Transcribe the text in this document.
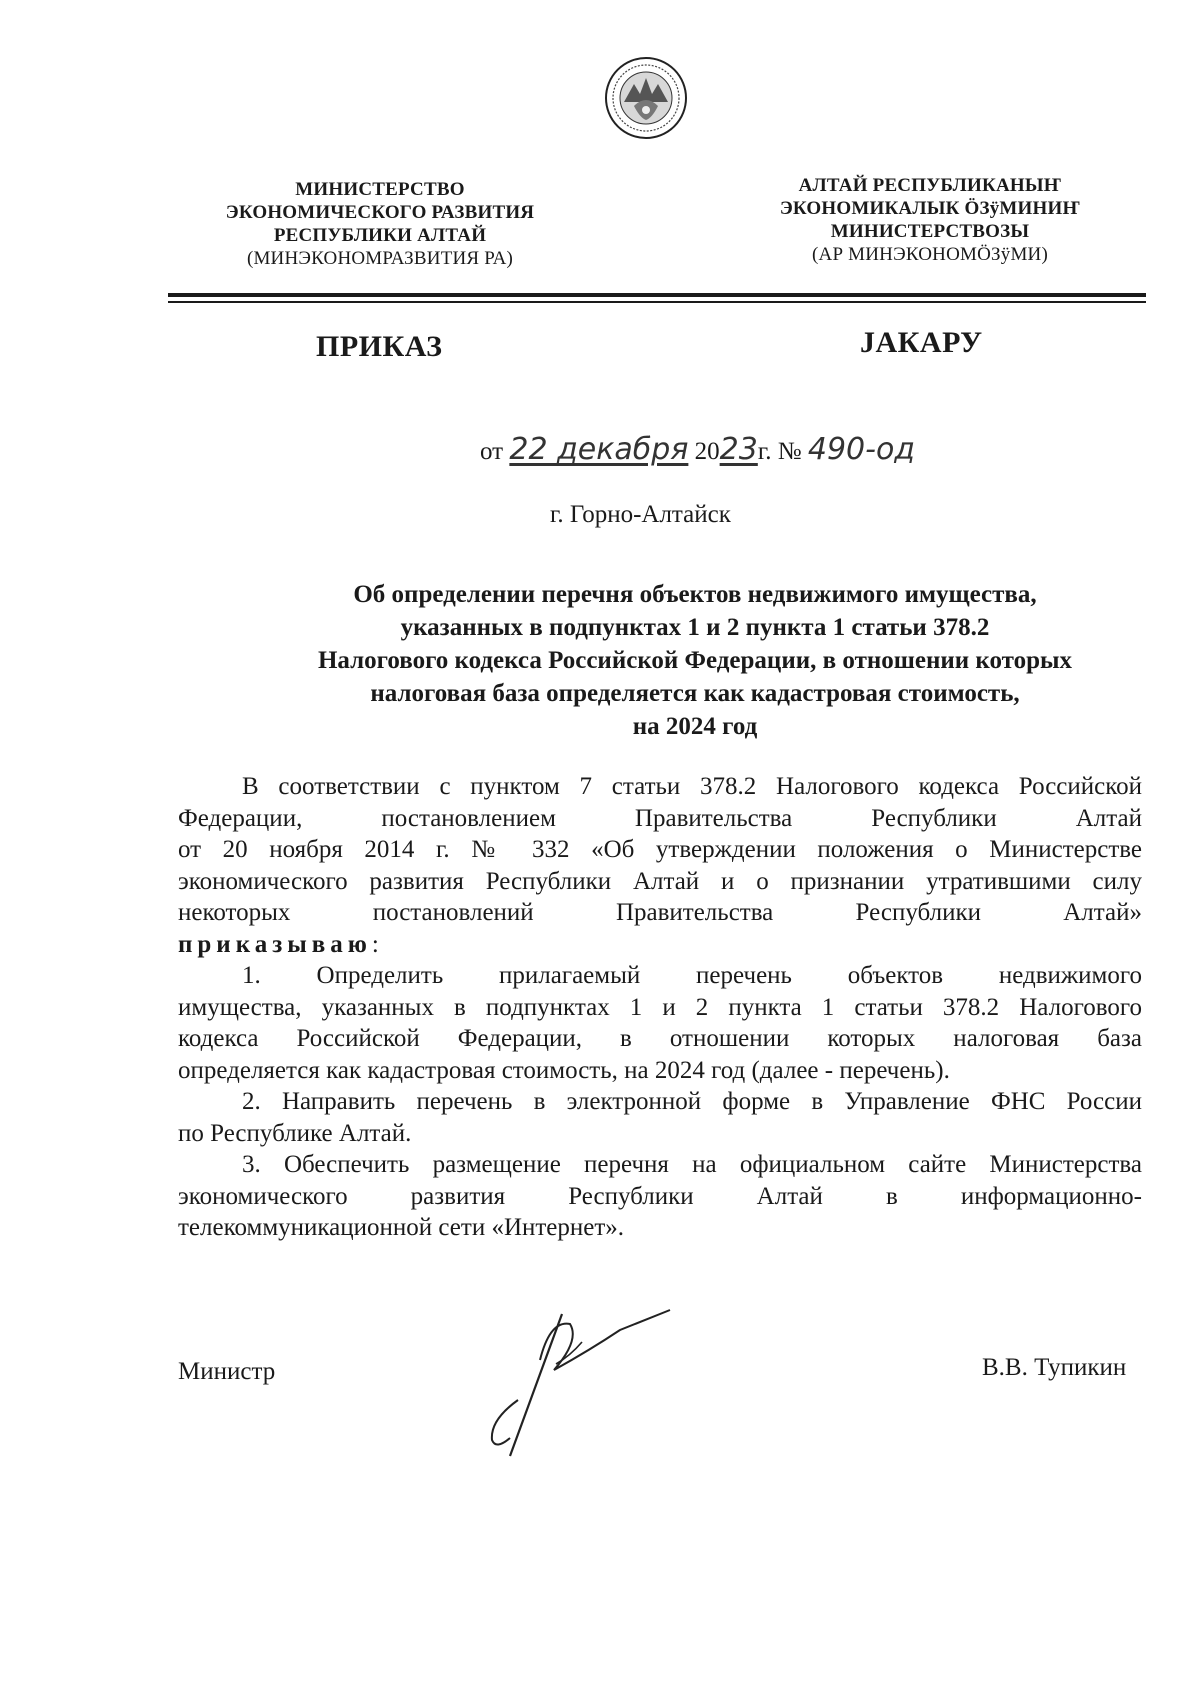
МИНИСТЕРСТВО
ЭКОНОМИЧЕСКОГО РАЗВИТИЯ
РЕСПУБЛИКИ АЛТАЙ
(МИНЭКОНОМРАЗВИТИЯ РА)
АЛТАЙ РЕСПУБЛИКАНЫҤ
ЭКОНОМИКАЛЫК ÖЗÿМИНИҤ
МИНИСТЕРСТВОЗЫ
(АР МИНЭКОНОМÖЗÿМИ)
ПРИКАЗ	ЈАКАРУ
от 22 декабря 2023г. № 490-од
г. Горно-Алтайск
Об определении перечня объектов недвижимого имущества,
указанных в подпунктах 1 и 2 пункта 1 статьи 378.2
Налогового кодекса Российской Федерации, в отношении которых
налоговая база определяется как кадастровая стоимость,
на 2024 год
В соответствии с пунктом 7 статьи 378.2 Налогового кодекса Российской
Федерации, постановлением Правительства Республики Алтай
от 20 ноября 2014 г. № 332 «Об утверждении положения о Министерстве
экономического развития Республики Алтай и о признании утратившими силу
некоторых постановлений Правительства Республики Алтай»
приказываю:
1. Определить прилагаемый перечень объектов недвижимого
имущества, указанных в подпунктах 1 и 2 пункта 1 статьи 378.2 Налогового
кодекса Российской Федерации, в отношении которых налоговая база
определяется как кадастровая стоимость, на 2024 год (далее - перечень).
2. Направить перечень в электронной форме в Управление ФНС России
по Республике Алтай.
3. Обеспечить размещение перечня на официальном сайте Министерства
экономического развития Республики Алтай в информационно-
телекоммуникационной сети «Интернет».
Министр	В.В. Тупикин
